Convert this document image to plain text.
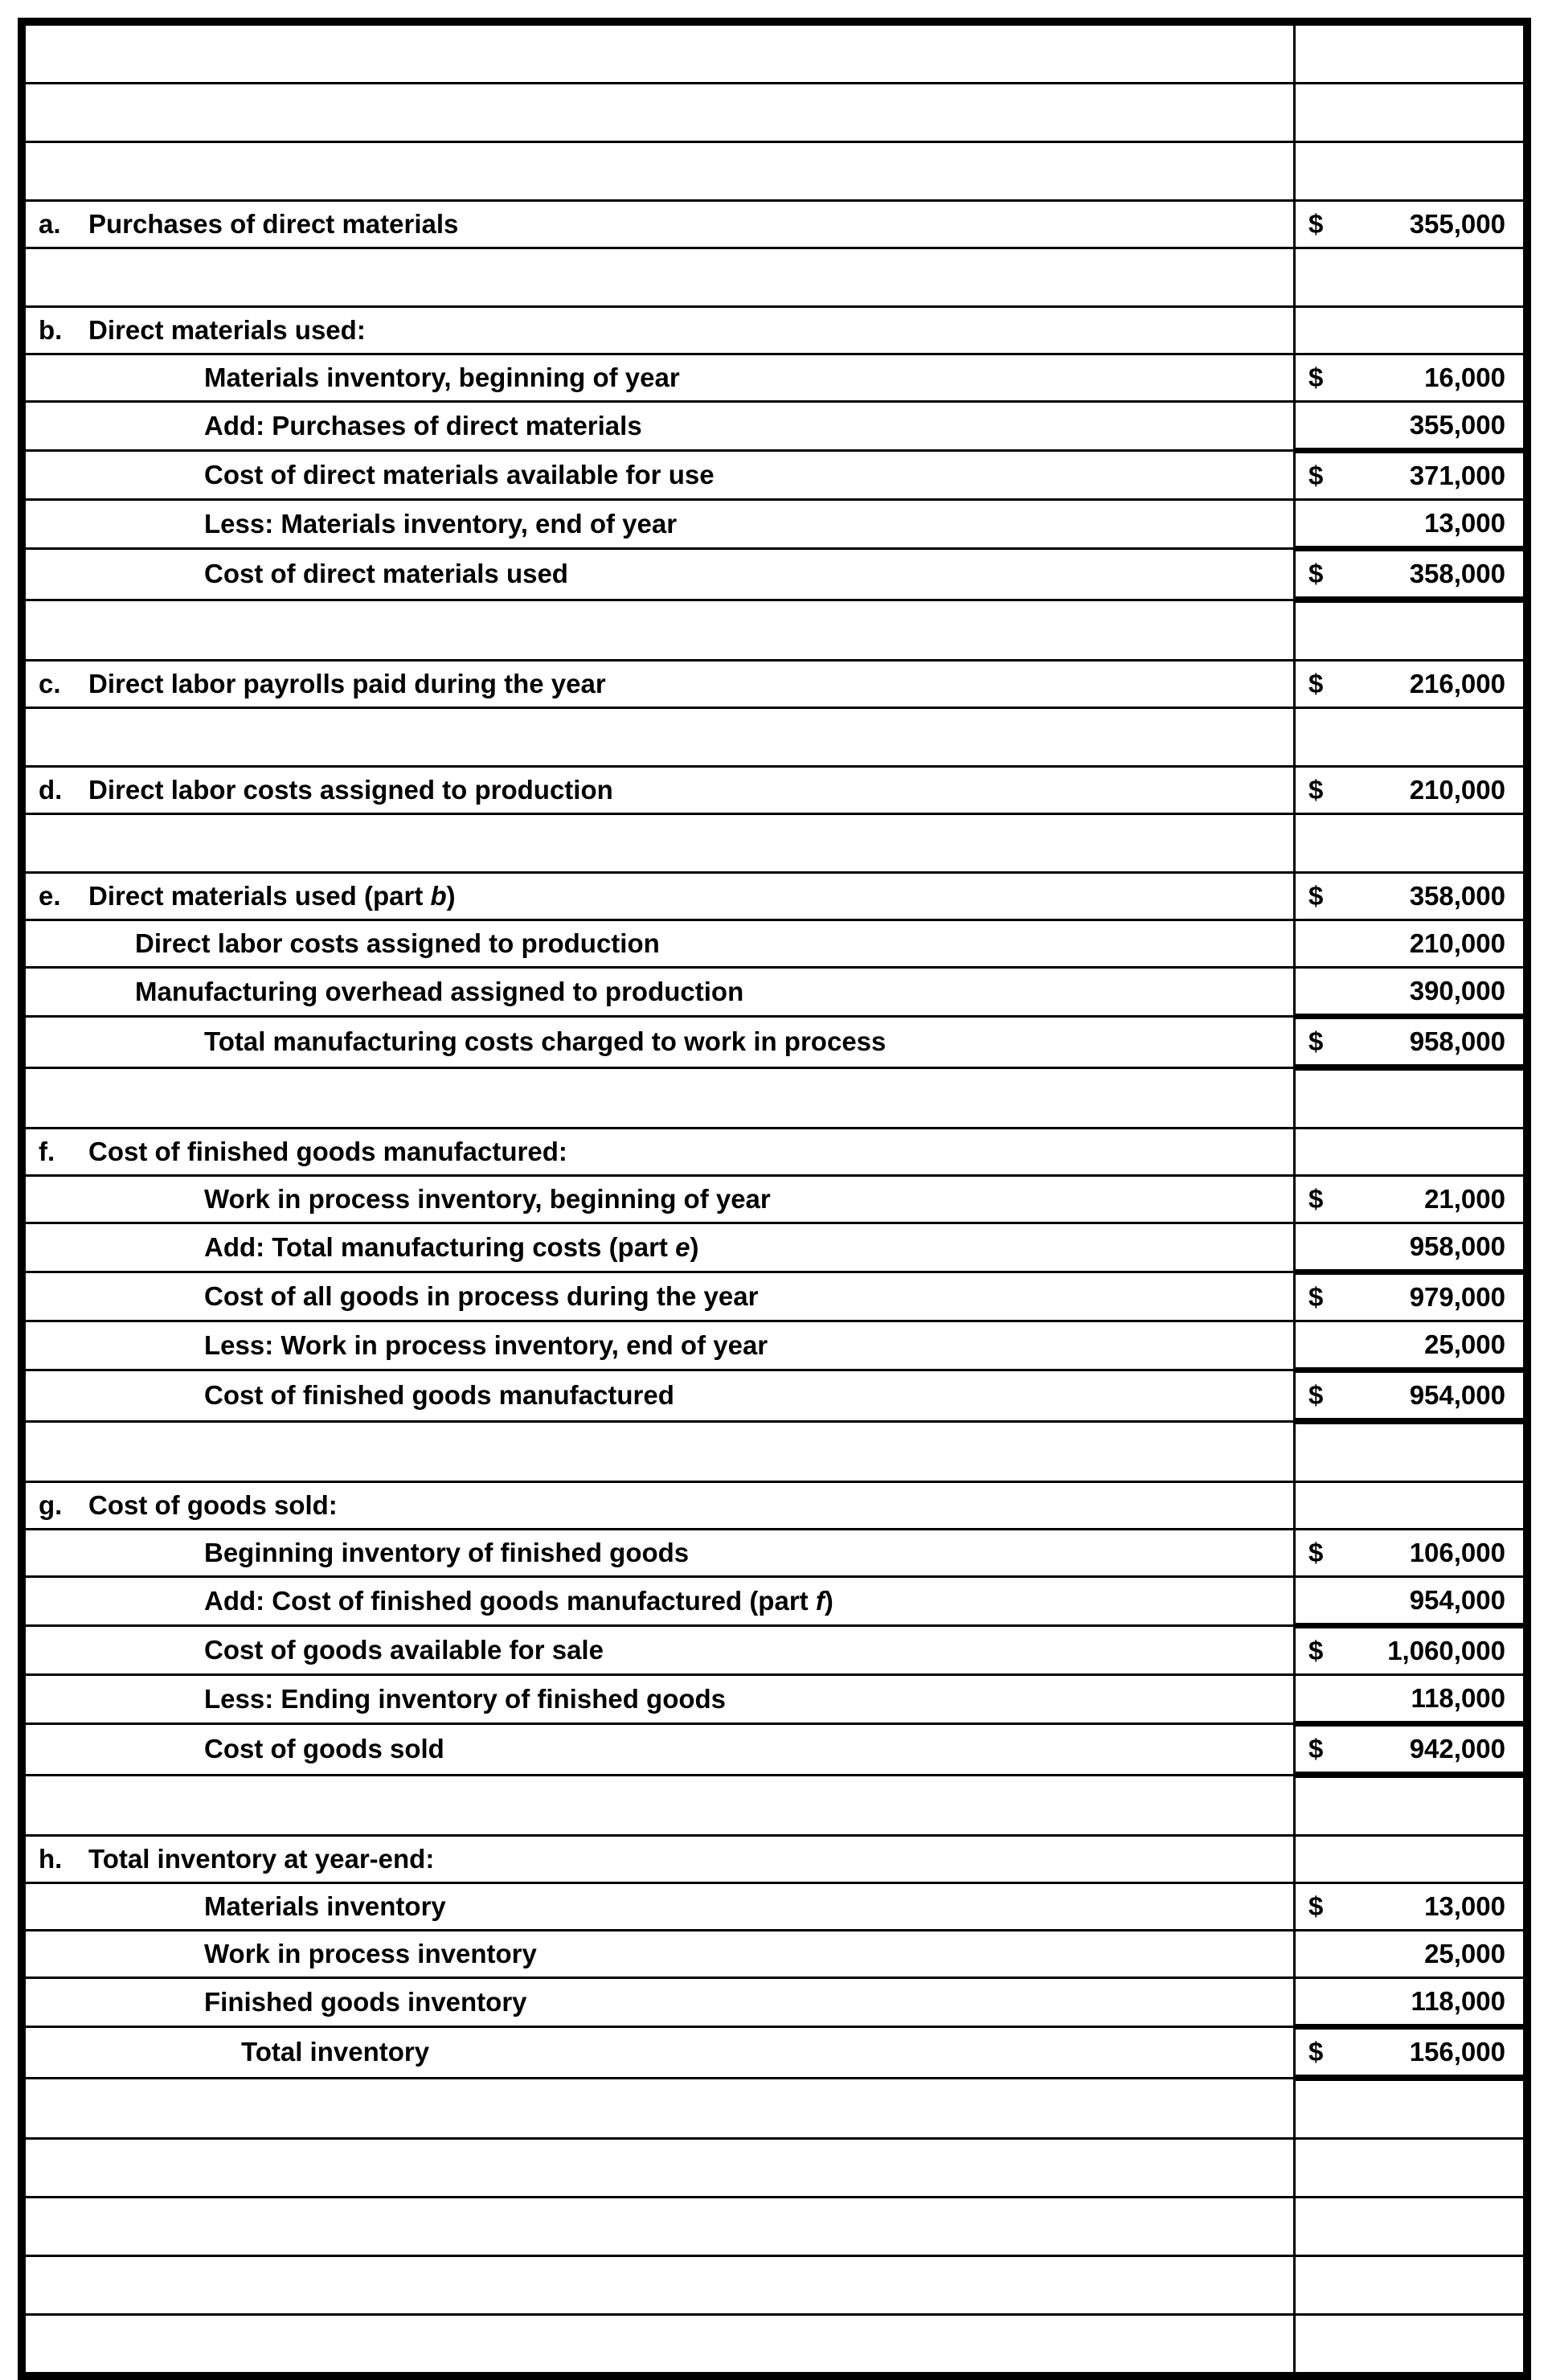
a. Purchases of direct materials	$ 355,000

b. Direct materials used:	

Materials inventory, beginning of year	$ 16,000

Add: Purchases of direct materials	355,000

Cost of direct materials available for use	$ 371,000

Less: Materials inventory, end of year	13,000

Cost of direct materials used	$ 358,000

c. Direct labor payrolls paid during the year	$ 216,000

d. Direct labor costs assigned to production	$ 210,000

e. Direct materials used (part b)	$ 358,000

Direct labor costs assigned to production	210,000

Manufacturing overhead assigned to production	390,000

Total manufacturing costs charged to work in process	$ 958,000

f. Cost of finished goods manufactured:	

Work in process inventory, beginning of year	$ 21,000

Add: Total manufacturing costs (part e)	958,000

Cost of all goods in process during the year	$ 979,000

Less: Work in process inventory, end of year	25,000

Cost of finished goods manufactured	$ 954,000

g. Cost of goods sold:	

Beginning inventory of finished goods	$ 106,000

Add: Cost of finished goods manufactured (part f)	954,000

Cost of goods available for sale	$ 1,060,000

Less: Ending inventory of finished goods	118,000

Cost of goods sold	$ 942,000

h. Total inventory at year-end:	

Materials inventory	$ 13,000

Work in process inventory	25,000

Finished goods inventory	118,000

Total inventory	$ 156,000
